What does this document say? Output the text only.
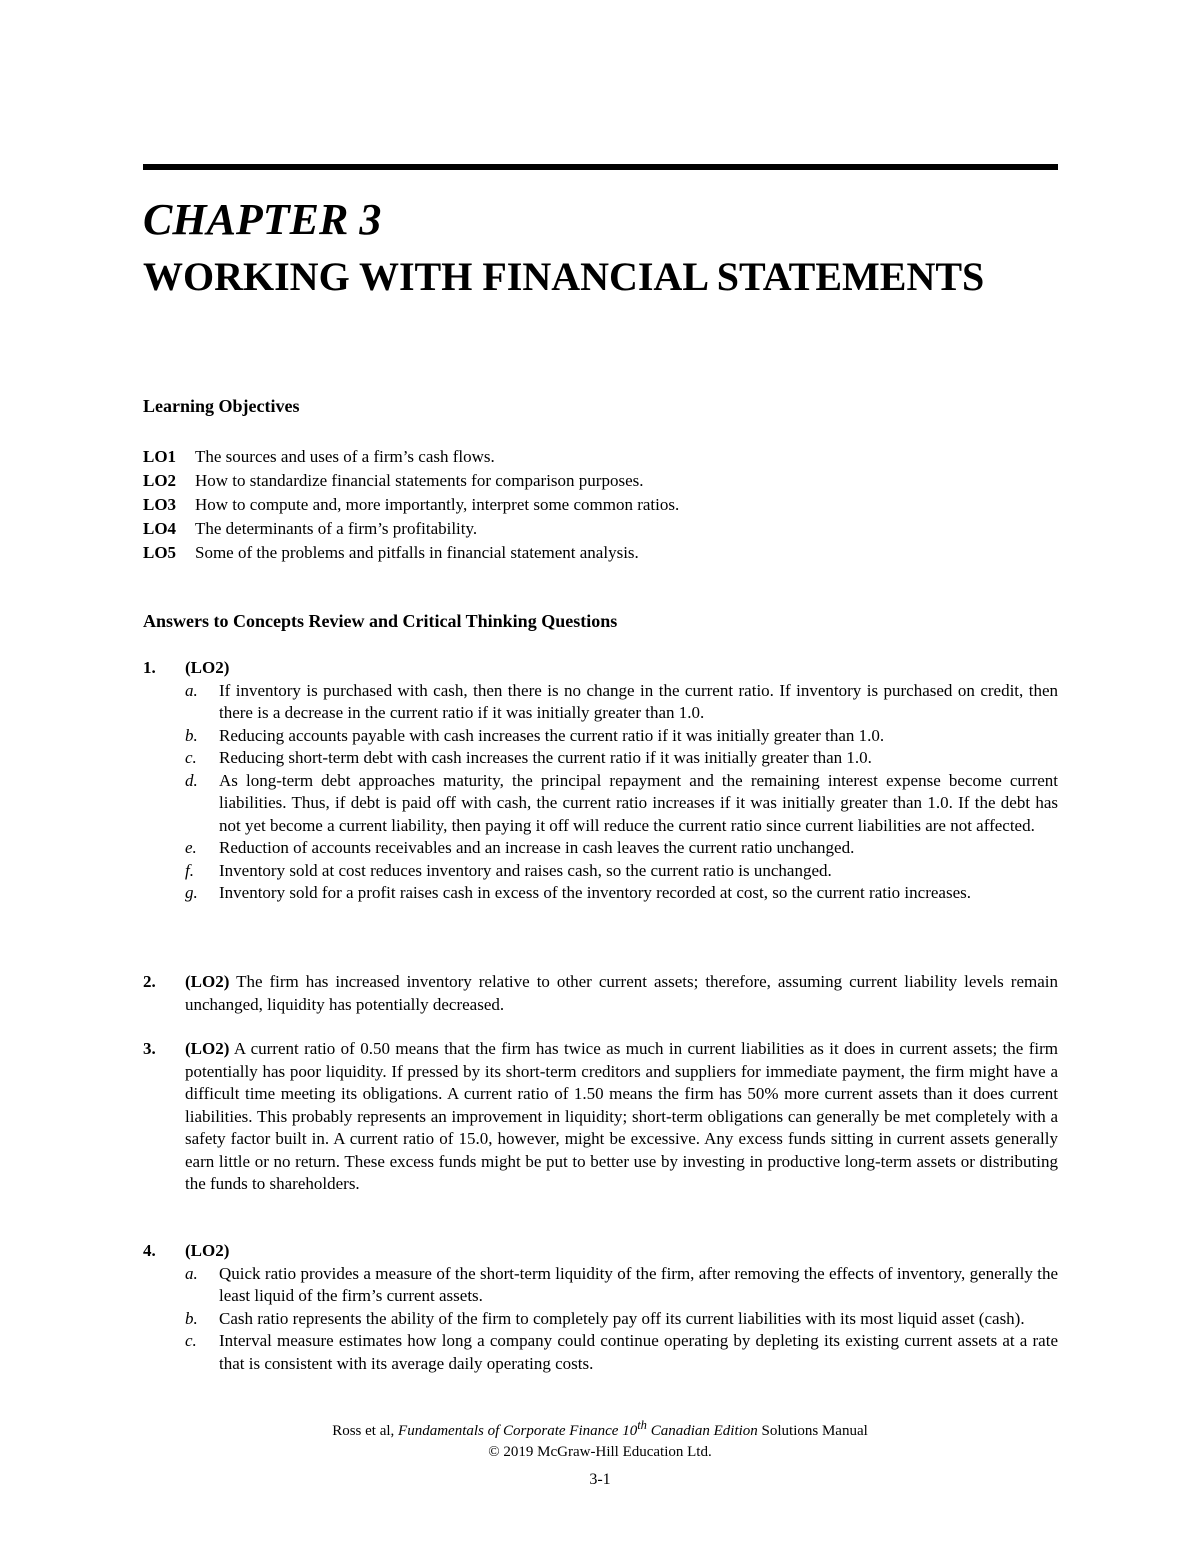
CHAPTER 3
WORKING WITH FINANCIAL STATEMENTS
Learning Objectives
LO1 The sources and uses of a firm’s cash flows.
LO2 How to standardize financial statements for comparison purposes.
LO3 How to compute and, more importantly, interpret some common ratios.
LO4 The determinants of a firm’s profitability.
LO5 Some of the problems and pitfalls in financial statement analysis.
Answers to Concepts Review and Critical Thinking Questions
1. (LO2)
a. If inventory is purchased with cash, then there is no change in the current ratio. If inventory is purchased on credit, then there is a decrease in the current ratio if it was initially greater than 1.0.
b. Reducing accounts payable with cash increases the current ratio if it was initially greater than 1.0.
c. Reducing short-term debt with cash increases the current ratio if it was initially greater than 1.0.
d. As long-term debt approaches maturity, the principal repayment and the remaining interest expense become current liabilities. Thus, if debt is paid off with cash, the current ratio increases if it was initially greater than 1.0. If the debt has not yet become a current liability, then paying it off will reduce the current ratio since current liabilities are not affected.
e. Reduction of accounts receivables and an increase in cash leaves the current ratio unchanged.
f. Inventory sold at cost reduces inventory and raises cash, so the current ratio is unchanged.
g. Inventory sold for a profit raises cash in excess of the inventory recorded at cost, so the current ratio increases.
2. (LO2) The firm has increased inventory relative to other current assets; therefore, assuming current liability levels remain unchanged, liquidity has potentially decreased.
3. (LO2) A current ratio of 0.50 means that the firm has twice as much in current liabilities as it does in current assets; the firm potentially has poor liquidity. If pressed by its short-term creditors and suppliers for immediate payment, the firm might have a difficult time meeting its obligations. A current ratio of 1.50 means the firm has 50% more current assets than it does current liabilities. This probably represents an improvement in liquidity; short-term obligations can generally be met completely with a safety factor built in. A current ratio of 15.0, however, might be excessive. Any excess funds sitting in current assets generally earn little or no return. These excess funds might be put to better use by investing in productive long-term assets or distributing the funds to shareholders.
4. (LO2)
a. Quick ratio provides a measure of the short-term liquidity of the firm, after removing the effects of inventory, generally the least liquid of the firm’s current assets.
b. Cash ratio represents the ability of the firm to completely pay off its current liabilities with its most liquid asset (cash).
c. Interval measure estimates how long a company could continue operating by depleting its existing current assets at a rate that is consistent with its average daily operating costs.
Ross et al, Fundamentals of Corporate Finance 10th Canadian Edition Solutions Manual
© 2019 McGraw-Hill Education Ltd.
3-1
